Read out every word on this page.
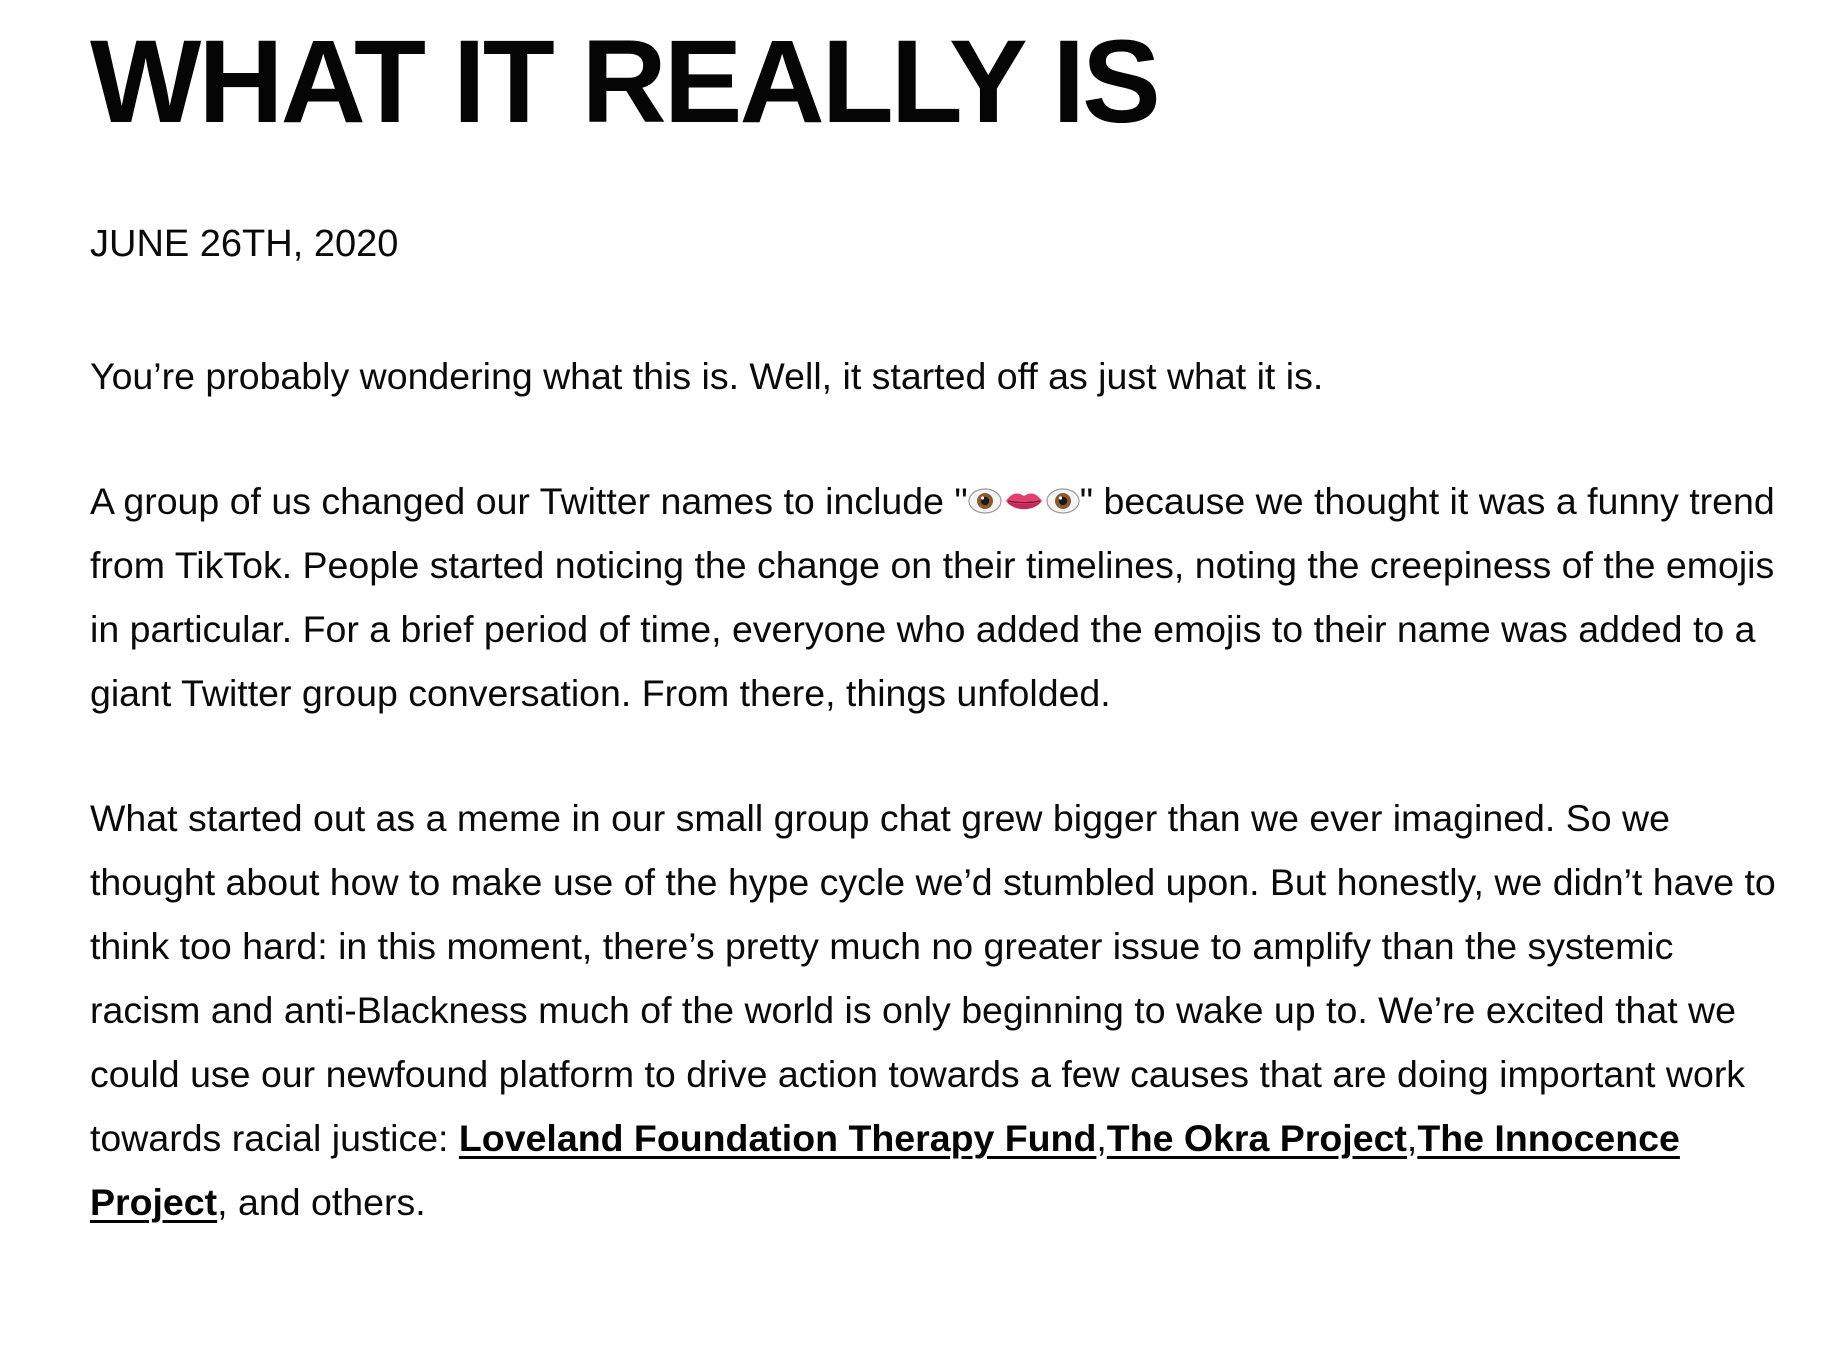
WHAT IT REALLY IS

JUNE 26TH, 2020

You’re probably wondering what this is. Well, it started off as just what it is.

A group of us changed our Twitter names to include "	" because we thought it was a funny trend from TikTok. People started noticing the change on their timelines, noting the creepiness of the emojis in particular. For a brief period of time, everyone who added the emojis to their name was added to a giant Twitter group conversation. From there, things unfolded.

What started out as a meme in our small group chat grew bigger than we ever imagined. So we thought about how to make use of the hype cycle we’d stumbled upon. But honestly, we didn’t have to think too hard: in this moment, there’s pretty much no greater issue to amplify than the systemic racism and anti-Blackness much of the world is only beginning to wake up to. We’re excited that we could use our newfound platform to drive action towards a few causes that are doing important work towards racial justice: Loveland Foundation Therapy Fund,The Okra Project,The Innocence Project, and others.
